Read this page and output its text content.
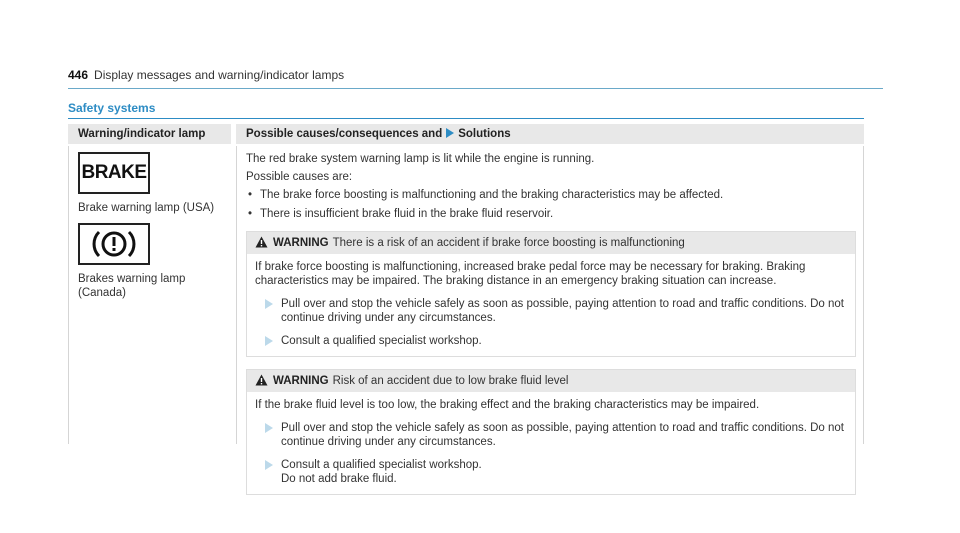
446 Display messages and warning/indicator lamps
Safety systems
Warning/indicator lamp	Possible causes/consequences and Solutions
BRAKE
Brake warning lamp (USA)
Brakes warning lamp (Canada)

The red brake system warning lamp is lit while the engine is running.

Possible causes are:

• The brake force boosting is malfunctioning and the braking characteristics may be affected.
• There is insufficient brake fluid in the brake fluid reservoir.
WARNING There is a risk of an accident if brake force boosting is malfunctioning
If brake force boosting is malfunctioning, increased brake pedal force may be necessary for braking. Braking characteristics may be impaired. The braking distance in an emergency braking situation can increase.
Pull over and stop the vehicle safely as soon as possible, paying attention to road and traffic conditions. Do not continue driving under any circumstances.
Consult a qualified specialist workshop.
WARNING Risk of an accident due to low brake fluid level
If the brake fluid level is too low, the braking effect and the braking characteristics may be impaired.
Pull over and stop the vehicle safely as soon as possible, paying attention to road and traffic conditions. Do not continue driving under any circumstances.
Consult a qualified specialist workshop.
Do not add brake fluid.
